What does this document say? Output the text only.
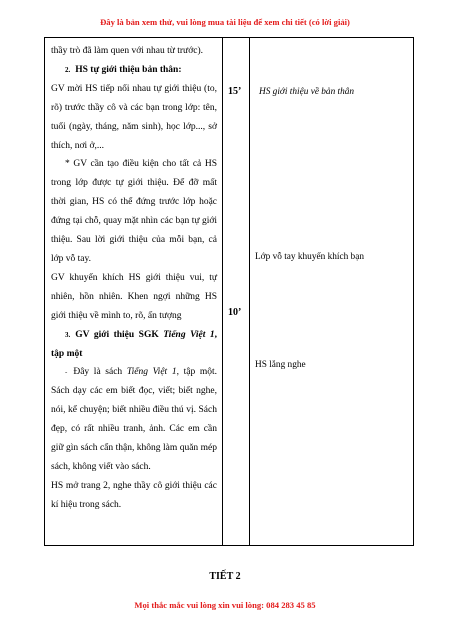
Đây là bản xem thử, vui lòng mua tài liệu để xem chi tiết (có lời giải)

thầy trò đã làm quen với nhau từ trước).

2. HS tự giới thiệu bản thân:

GV mời HS tiếp nối nhau tự giới thiệu (to, rõ) trước thầy cô và các bạn trong lớp: tên, tuổi (ngày, tháng, năm sinh), học lớp..., sở thích, nơi ở,...

* GV cần tạo điều kiện cho tất cả HS trong lớp được tự giới thiệu. Để đỡ mất thời gian, HS có thể đứng trước lớp hoặc đứng tại chỗ, quay mặt nhìn các bạn tự giới thiệu. Sau lời giới thiệu của mỗi bạn, cả lớp vỗ tay.

GV khuyến khích HS giới thiệu vui, tự nhiên, hồn nhiên. Khen ngợi những HS giới thiệu về mình to, rõ, ấn tượng

3. GV giới thiệu SGK Tiếng Việt 1, tập một

- Đây là sách Tiếng Việt 1, tập một. Sách dạy các em biết đọc, viết; biết nghe, nói, kể chuyện; biết nhiều điều thú vị. Sách đẹp, có rất nhiều tranh, ảnh. Các em cần giữ gìn sách cẩn thận, không làm quăn mép sách, không viết vào sách.

HS mở trang 2, nghe thầy cô giới thiệu các kí hiệu trong sách.

15’
10’
HS giới thiệu về bản thân
Lớp vỗ tay khuyến khích bạn
HS lắng nghe
TIẾT 2
Mọi thắc mắc vui lòng xin vui lòng: 084 283 45 85
